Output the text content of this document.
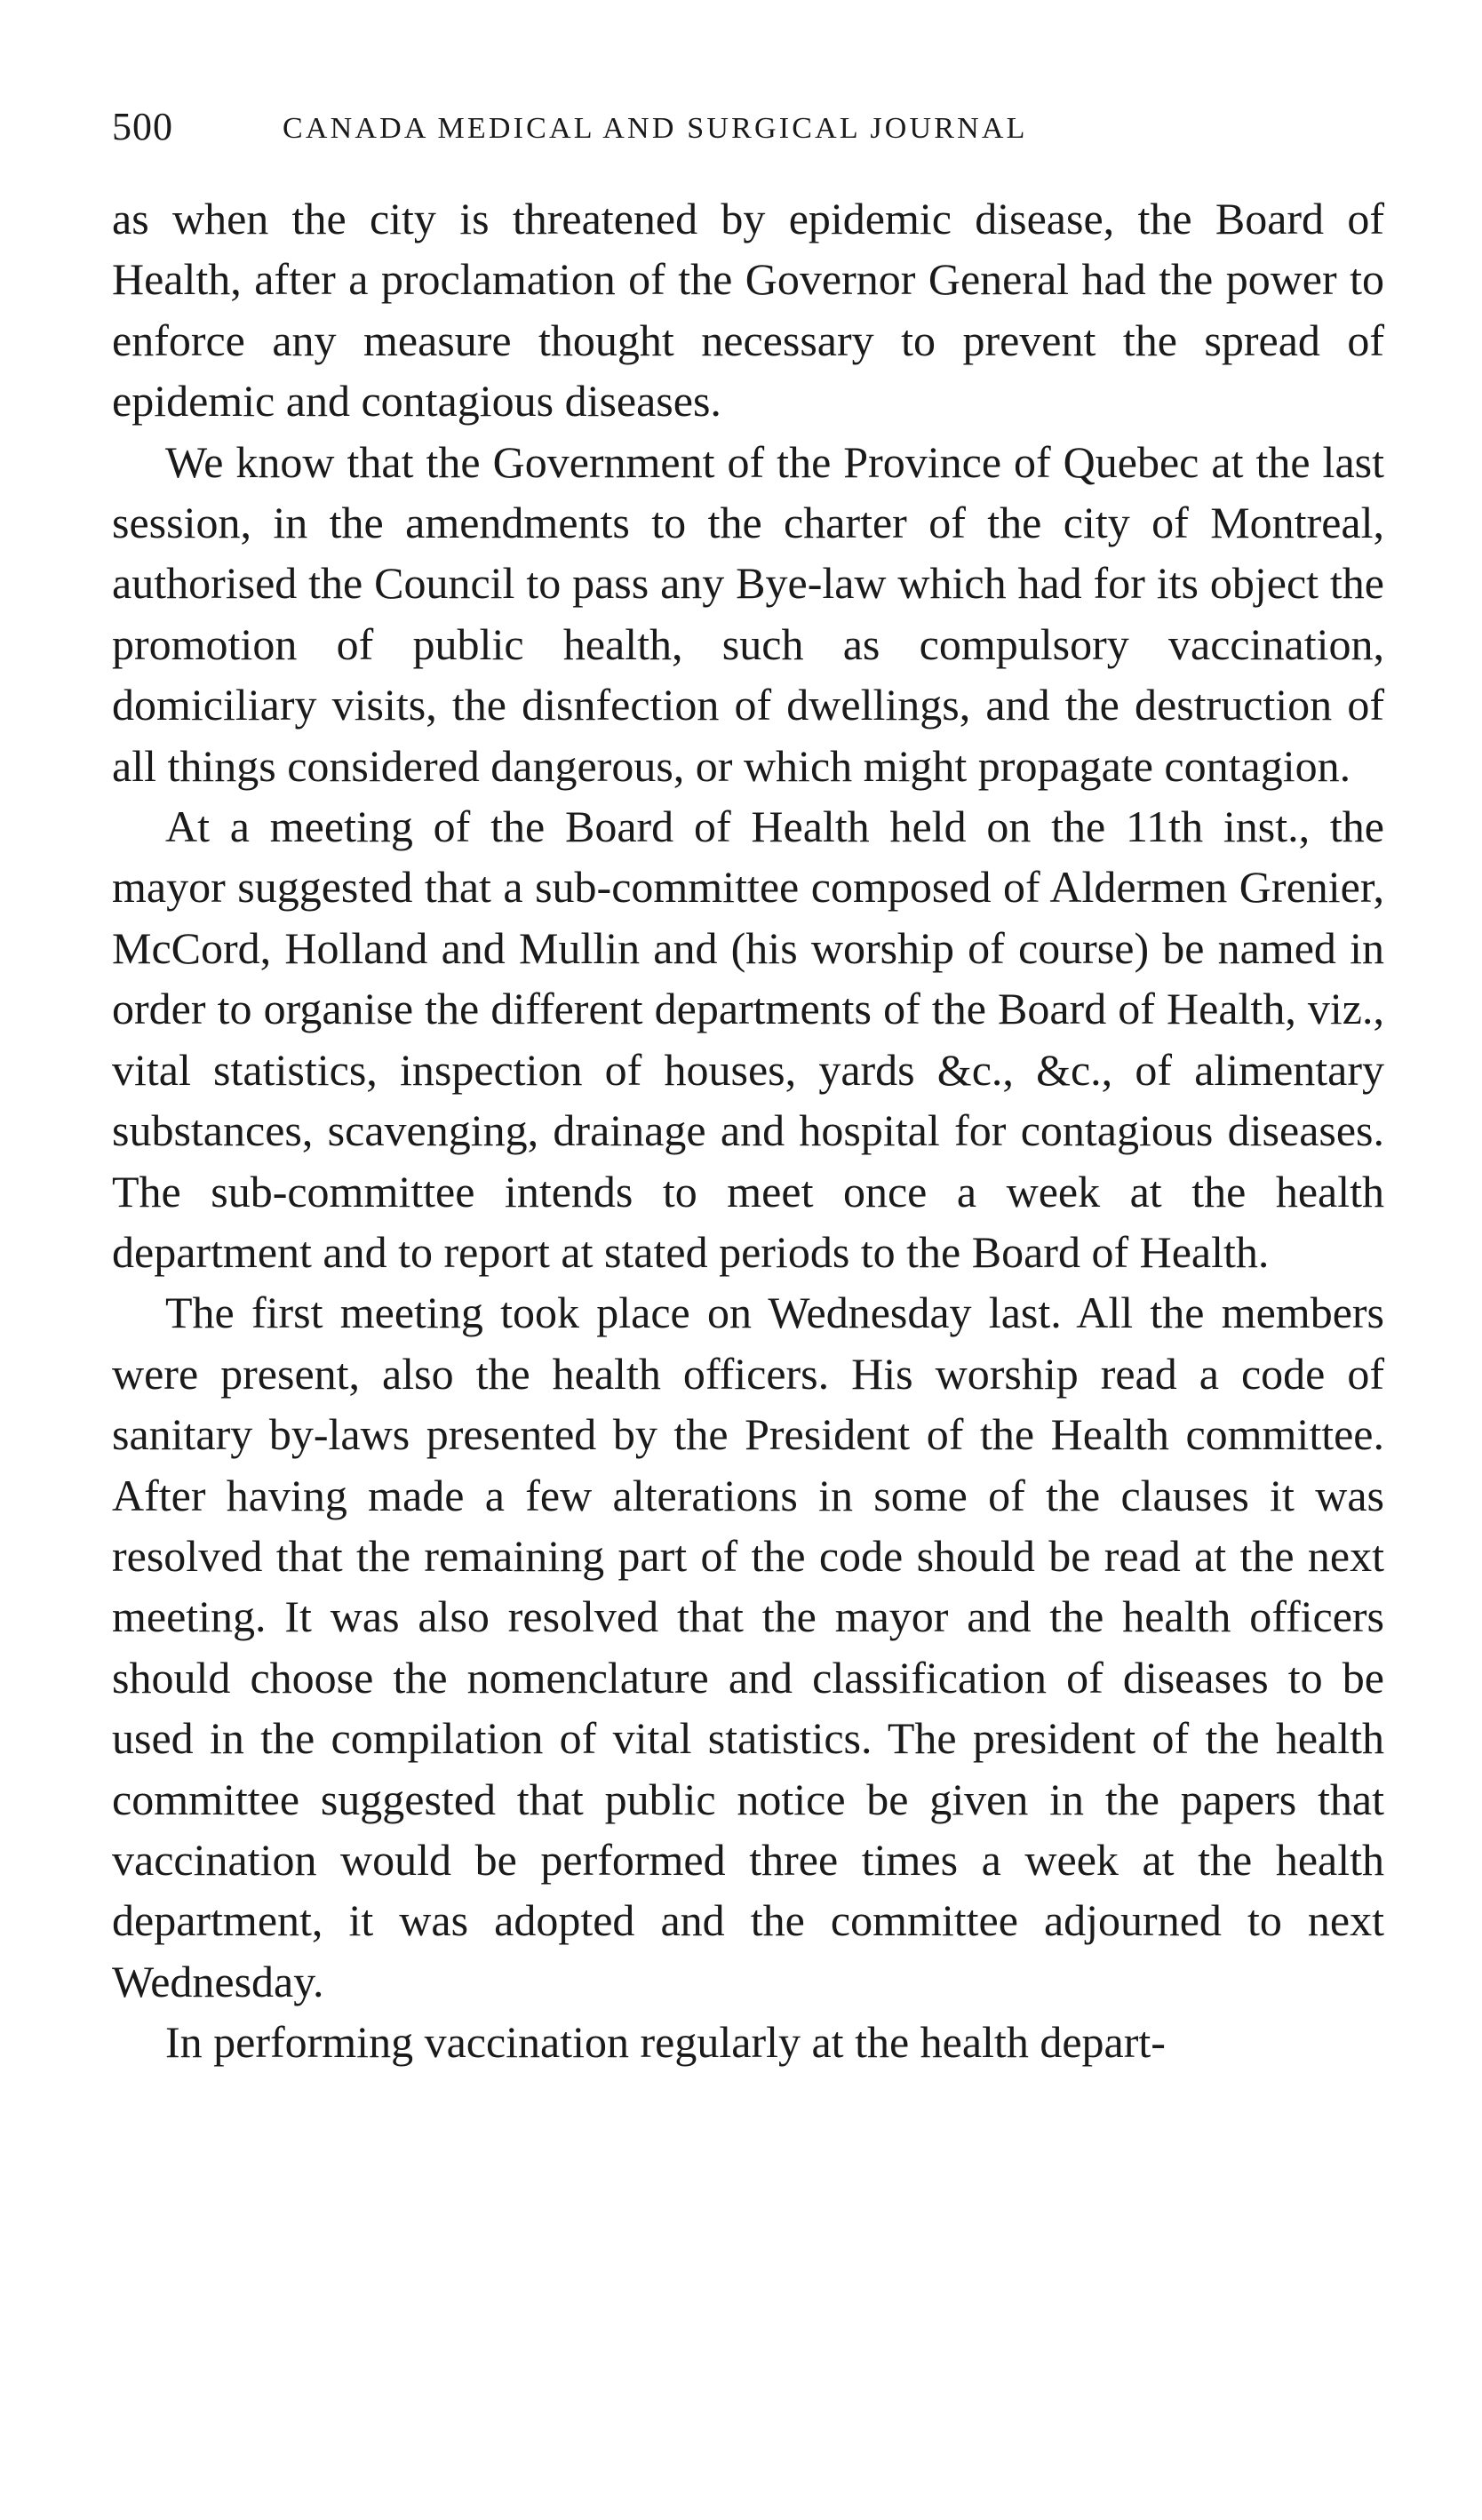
500	CANADA MEDICAL AND SURGICAL JOURNAL

as when the city is threatened by epidemic disease, the Board of Health, after a proclamation of the Governor General had the power to enforce any measure thought necessary to prevent the spread of epidemic and contagious diseases.

We know that the Government of the Province of Quebec at the last session, in the amendments to the charter of the city of Montreal, authorised the Council to pass any Bye-law which had for its object the promotion of public health, such as compulsory vaccination, domiciliary visits, the disnfection of dwellings, and the destruction of all things considered dangerous, or which might propagate contagion.

At a meeting of the Board of Health held on the 11th inst., the mayor suggested that a sub-committee composed of Aldermen Grenier, McCord, Holland and Mullin and (his worship of course) be named in order to organise the different departments of the Board of Health, viz., vital statistics, inspection of houses, yards &c., &c., of alimentary substances, scavenging, drainage and hospital for contagious diseases. The sub-committee intends to meet once a week at the health department and to report at stated periods to the Board of Health.

The first meeting took place on Wednesday last. All the members were present, also the health officers. His worship read a code of sanitary by-laws presented by the President of the Health committee. After having made a few alterations in some of the clauses it was resolved that the remaining part of the code should be read at the next meeting. It was also resolved that the mayor and the health officers should choose the nomenclature and classification of diseases to be used in the compilation of vital statistics. The president of the health committee suggested that public notice be given in the papers that vaccination would be performed three times a week at the health department, it was adopted and the committee adjourned to next Wednesday.

In performing vaccination regularly at the health depart-
